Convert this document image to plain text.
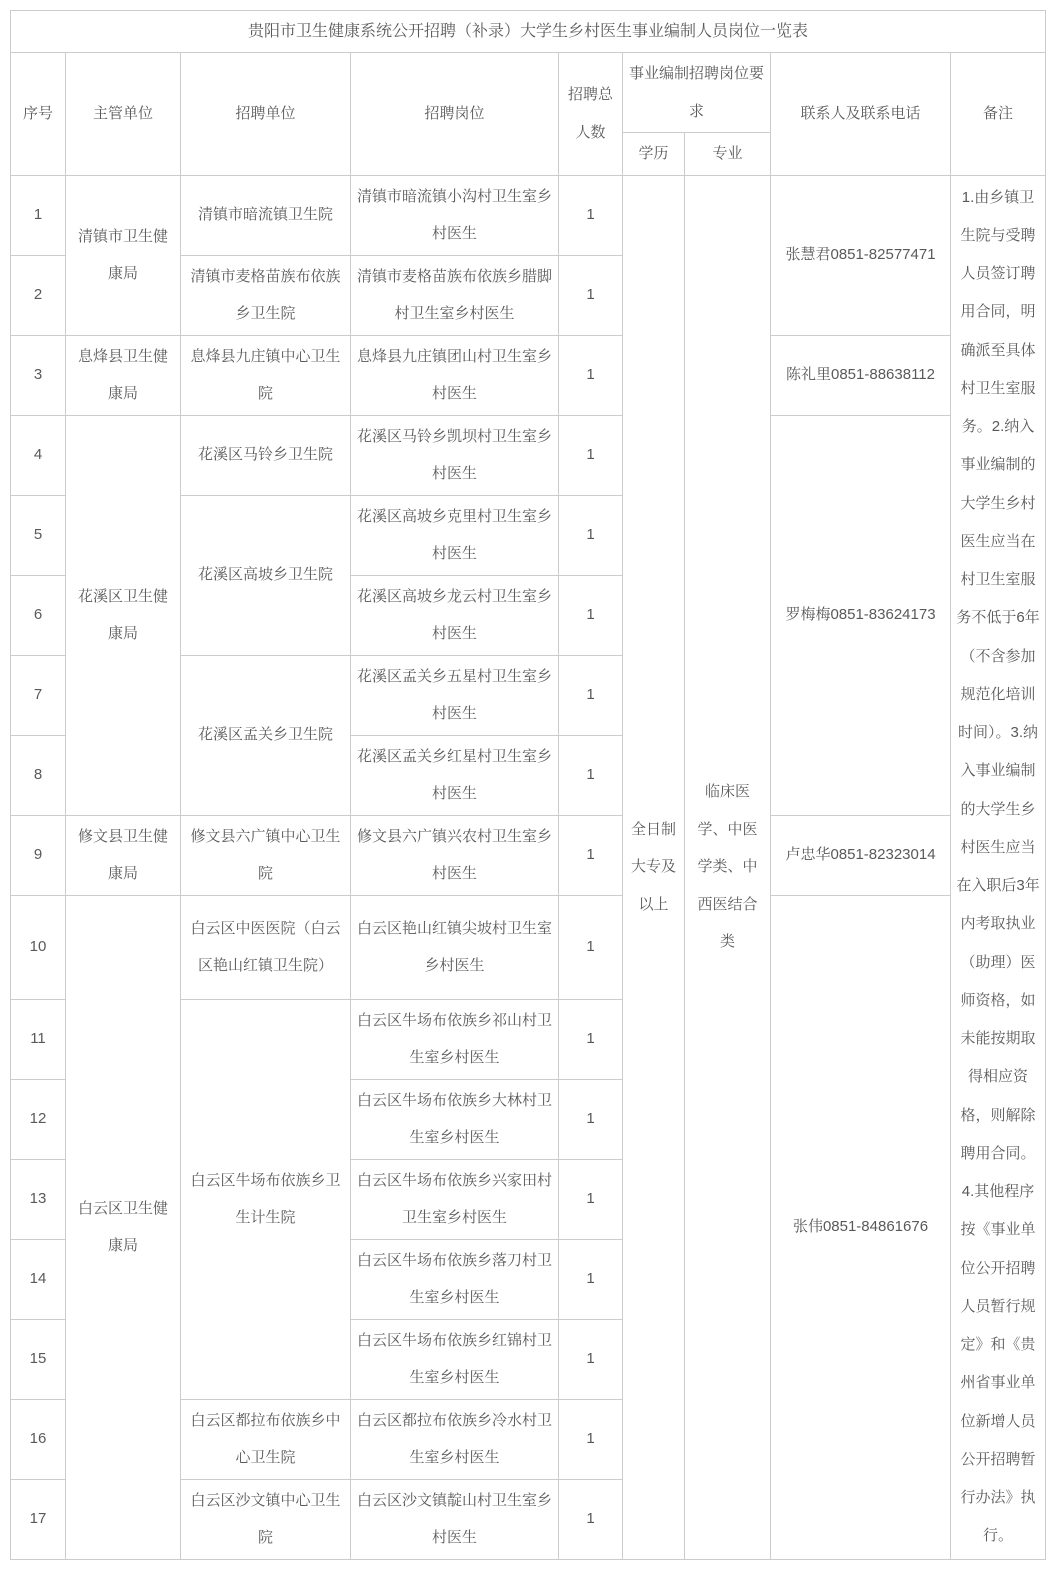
贵阳市卫生健康系统公开招聘（补录）大学生乡村医生事业编制人员岗位一览表								
序号	主管单位	招聘单位	招聘岗位	招聘总人数	事业编制招聘岗位要求		联系人及联系电话	备注
					学历	专业		
1	清镇市卫生健康局	清镇市暗流镇卫生院	清镇市暗流镇小沟村卫生室乡村医生	1	全日制大专及以上	临床医学、中医学类、中西医结合类	张慧君0851-82577471	1.由乡镇卫生院与受聘人员签订聘用合同，明确派至具体村卫生室服务。2.纳入事业编制的大学生乡村医生应当在村卫生室服务不低于6年（不含参加规范化培训时间）。3.纳入事业编制的大学生乡村医生应当在入职后3年内考取执业（助理）医师资格，如未能按期取得相应资格，则解除聘用合同。4.其他程序按《事业单位公开招聘人员暂行规定》和《贵州省事业单位新增人员公开招聘暂行办法》执行。
2		清镇市麦格苗族布依族乡卫生院	清镇市麦格苗族布依族乡腊脚村卫生室乡村医生	1				
3	息烽县卫生健康局	息烽县九庄镇中心卫生院	息烽县九庄镇团山村卫生室乡村医生	1			陈礼里0851-88638112	
4	花溪区卫生健康局	花溪区马铃乡卫生院	花溪区马铃乡凯坝村卫生室乡村医生	1			罗梅梅0851-83624173	
5		花溪区高坡乡卫生院	花溪区高坡乡克里村卫生室乡村医生	1				
6			花溪区高坡乡龙云村卫生室乡村医生	1				
7		花溪区孟关乡卫生院	花溪区孟关乡五星村卫生室乡村医生	1				
8			花溪区孟关乡红星村卫生室乡村医生	1				
9	修文县卫生健康局	修文县六广镇中心卫生院	修文县六广镇兴农村卫生室乡村医生	1			卢忠华0851-82323014	
10	白云区卫生健康局	白云区中医医院（白云区艳山红镇卫生院）	白云区艳山红镇尖坡村卫生室乡村医生	1			张伟0851-84861676	
11		白云区牛场布依族乡卫生计生院	白云区牛场布依族乡祁山村卫生室乡村医生	1				
12			白云区牛场布依族乡大林村卫生室乡村医生	1				
13			白云区牛场布依族乡兴家田村卫生室乡村医生	1				
14			白云区牛场布依族乡落刀村卫生室乡村医生	1				
15			白云区牛场布依族乡红锦村卫生室乡村医生	1				
16		白云区都拉布依族乡中心卫生院	白云区都拉布依族乡冷水村卫生室乡村医生	1				
17		白云区沙文镇中心卫生院	白云区沙文镇靛山村卫生室乡村医生	1				
